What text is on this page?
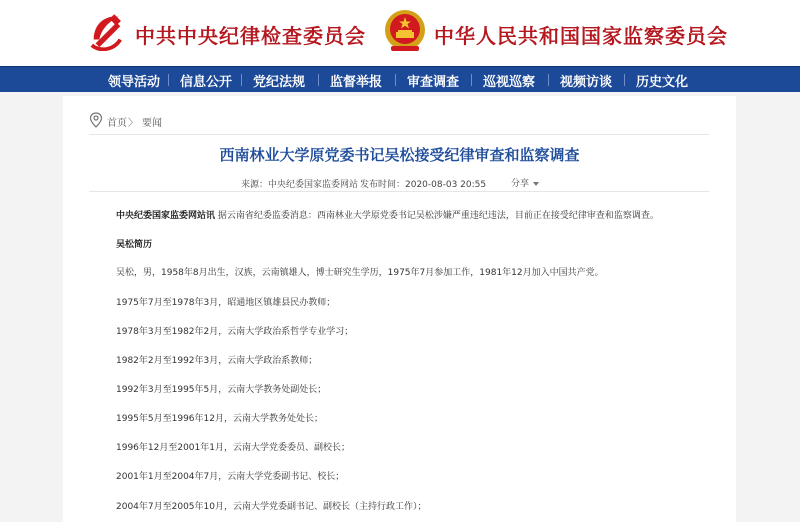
中共中央纪律检查委员会	中华人民共和国国家监察委员会
领导活动 信息公开 党纪法规 监督举报 审查调查 巡视巡察 视频访谈 历史文化
首页 〉 要闻
西南林业大学原党委书记吴松接受纪律审查和监察调查
来源：中央纪委国家监委网站 发布时间：2020-08-03 20:55	分享
中央纪委国家监委网站讯 据云南省纪委监委消息：西南林业大学原党委书记吴松涉嫌严重违纪违法，目前正在接受纪律审查和监察调查。
吴松简历
吴松，男，1958年8月出生，汉族，云南镇雄人，博士研究生学历，1975年7月参加工作，1981年12月加入中国共产党。
1975年7月至1978年3月，昭通地区镇雄县民办教师；
1978年3月至1982年2月，云南大学政治系哲学专业学习；
1982年2月至1992年3月，云南大学政治系教师；
1992年3月至1995年5月，云南大学教务处副处长；
1995年5月至1996年12月，云南大学教务处处长；
1996年12月至2001年1月，云南大学党委委员、副校长；
2001年1月至2004年7月，云南大学党委副书记、校长；
2004年7月至2005年10月，云南大学党委副书记、副校长（主持行政工作）；
